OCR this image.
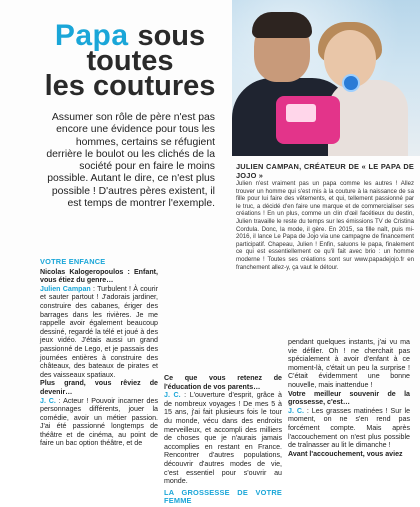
Papa sous
toutes
les coutures

Assumer son rôle de père n'est pas encore une évidence pour tous les hommes, certains se réfugient derrière le boulot ou les clichés de la société pour en faire le moins possible. Autant le dire, ce n'est plus possible ! D'autres pères existent, il est temps de montrer l'exemple.

JULIEN CAMPAN, CRÉATEUR DE « LE PAPA DE JOJO »
Julien n'est vraiment pas un papa comme les autres ! Allez trouver un homme qui s'est mis à la couture à la naissance de sa fille pour lui faire des vêtements, et qui, tellement passionné par le truc, a décidé d'en faire une marque et de commercialiser ses créations ! En un plus, comme un clin d'œil facétieux du destin, Julien travaille le reste du temps sur les émissions TV de Cristina Cordula. Donc, la mode, il gère. En 2015, sa fille naît, puis mi-2016, il lance Le Papa de Jojo via une campagne de financement participatif. Chapeau, Julien ! Enfin, saluons le papa, finalement ce qui est essentiellement ce qu'il fait avec brio : un homme moderne ! Toutes ses créations sont sur www.papadejojo.fr en franchement allez-y, ça vaut le détour.
VOTRE ENFANCE
Nicolas Kalogeropoulos : Enfant, vous étiez du genre…
Julien Campan : Turbulent ! À courir et sauter partout ! J'adorais jardiner, construire des cabanes, ériger des barrages dans les rivières. Je me rappelle avoir également beaucoup dessiné, regardé la télé et joué à des jeux vidéo. J'étais aussi un grand passionné de Lego, et je passais des journées entières à construire des châteaux, des bateaux de pirates et des vaisseaux spatiaux.
Plus grand, vous rêviez de devenir…
J. C. : Acteur ! Pouvoir incarner des personnages différents, jouer la comédie, avoir un métier passion. J'ai été passionné longtemps de théâtre et de cinéma, au point de faire un bac option théâtre, et de
Ce que vous retenez de l'éducation de vos parents…
J. C. : L'ouverture d'esprit, grâce à de nombreux voyages ! De mes 5 à 15 ans, j'ai fait plusieurs fois le tour du monde, vécu dans des endroits merveilleux, et accompli des milliers de choses que je n'aurais jamais accomplies en restant en France. Rencontrer d'autres populations, découvrir d'autres modes de vie, c'est essentiel pour s'ouvrir au monde.

LA GROSSESSE DE VOTRE FEMME
pendant quelques instants, j'ai vu ma vie défiler. Oh ! ne cherchait pas spécialement à avoir d'enfant à ce moment-là, c'était un peu la surprise ! C'était évidemment une bonne nouvelle, mais inattendue !
Votre meilleur souvenir de la grossesse, c'est…
J. C. : Les grasses matinées ! Sur le moment, on ne s'en rend pas forcément compte. Mais après l'accouchement on n'est plus possible de traînasser au lit le dimanche !
Avant l'accouchement, vous aviez
